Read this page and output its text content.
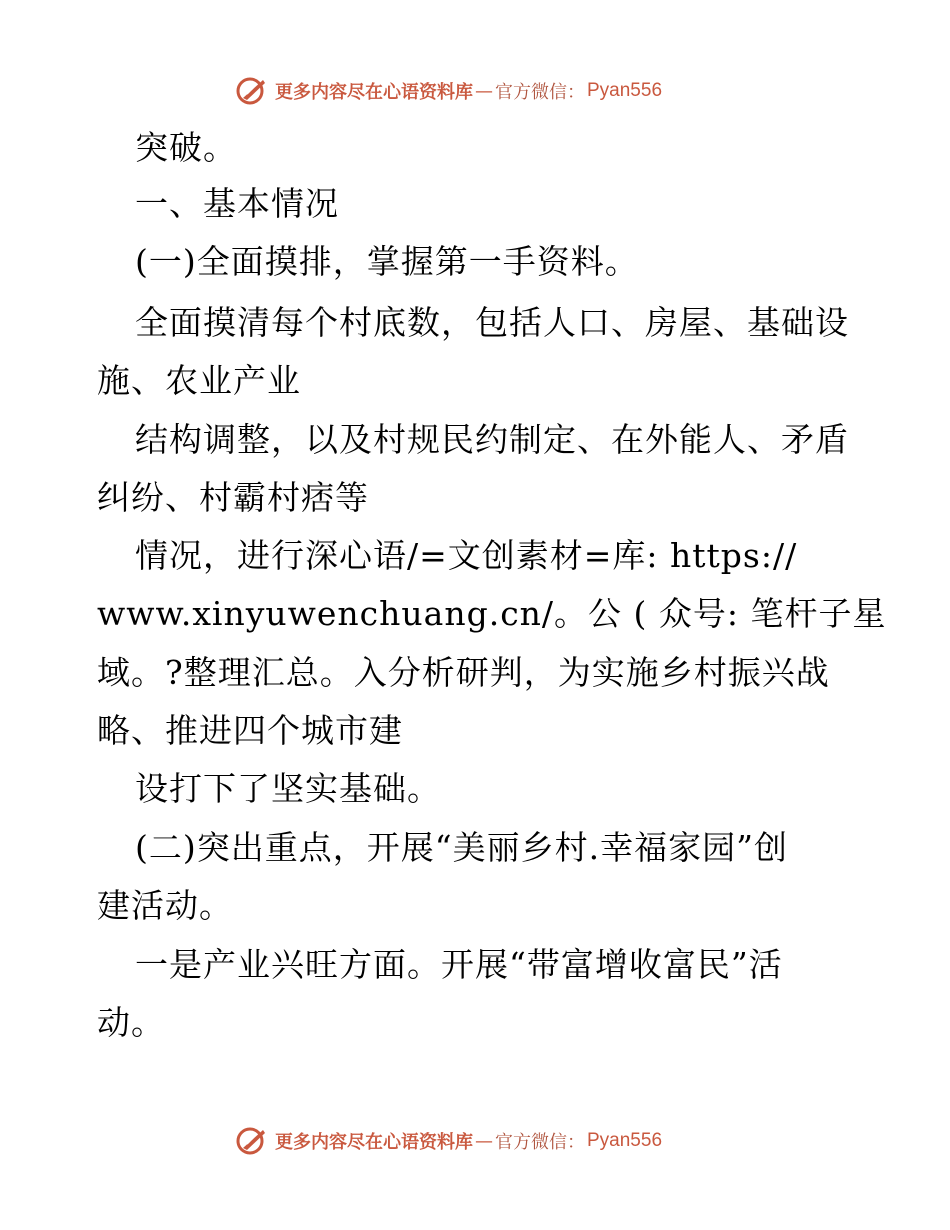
更多内容尽在心语资料库 — 官方微信： Pyan556
突破。
一、基本情况
(一)全面摸排，掌握第一手资料。
全面摸清每个村底数，包括人口、房屋、基础设
施、农业产业
结构调整，以及村规民约制定、在外能人、矛盾
纠纷、村霸村痞等
情况，进行深心语/=文创素材=库: https://
www.xinyuwenchuang.cn/。公 ( 众号: 笔杆子星
域。?整理汇总。入分析研判，为实施乡村振兴战
略、推进四个城市建
设打下了坚实基础。
(二)突出重点，开展“美丽乡村.幸福家园”创
建活动。
一是产业兴旺方面。开展“带富增收富民”活
动。
更多内容尽在心语资料库 — 官方微信： Pyan556
